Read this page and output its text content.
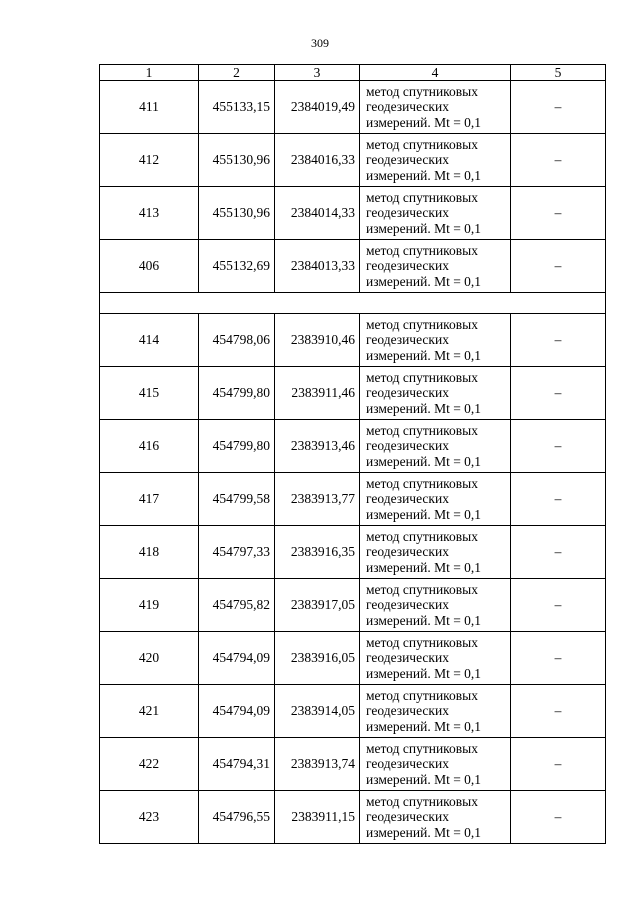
309
1	2	3	4	5
411	455133,15	2384019,49	метод спутниковых
геодезических
измерений. Mt = 0,1	–
412	455130,96	2384016,33	метод спутниковых
геодезических
измерений. Mt = 0,1	–
413	455130,96	2384014,33	метод спутниковых
геодезических
измерений. Mt = 0,1	–
406	455132,69	2384013,33	метод спутниковых
геодезических
измерений. Mt = 0,1	–

414	454798,06	2383910,46	метод спутниковых
геодезических
измерений. Mt = 0,1	–
415	454799,80	2383911,46	метод спутниковых
геодезических
измерений. Mt = 0,1	–
416	454799,80	2383913,46	метод спутниковых
геодезических
измерений. Mt = 0,1	–
417	454799,58	2383913,77	метод спутниковых
геодезических
измерений. Mt = 0,1	–
418	454797,33	2383916,35	метод спутниковых
геодезических
измерений. Mt = 0,1	–
419	454795,82	2383917,05	метод спутниковых
геодезических
измерений. Mt = 0,1	–
420	454794,09	2383916,05	метод спутниковых
геодезических
измерений. Mt = 0,1	–
421	454794,09	2383914,05	метод спутниковых
геодезических
измерений. Mt = 0,1	–
422	454794,31	2383913,74	метод спутниковых
геодезических
измерений. Mt = 0,1	–
423	454796,55	2383911,15	метод спутниковых
геодезических
измерений. Mt = 0,1	–
